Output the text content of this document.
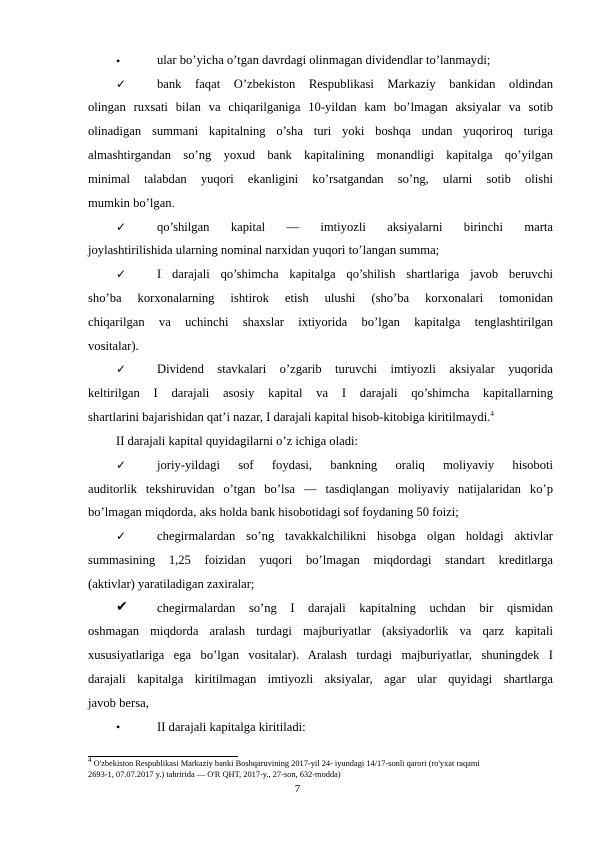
•	ular bo’yicha o’tgan davrdagi olinmagan dividendlar to’lanmaydi;
✓ bank faqat O’zbekiston Respublikasi Markaziy bankidan oldindan
olingan ruxsati bilan va chiqarilganiga 10-yildan kam bo’lmagan aksiyalar va sotib
olinadigan summani kapitalning o’sha turi yoki boshqa undan yuqoriroq turiga
almashtirgandan so’ng yoxud bank kapitalining monandligi kapitalga qo’yilgan
minimal talabdan yuqori ekanligini ko’rsatgandan so’ng, ularni sotib olishi
mumkin bo’lgan.
✓ qo’shilgan kapital — imtiyozli aksiyalarni birinchi marta
joylashtirilishida ularning nominal narxidan yuqori to’langan summa;
✓ I darajali qo’shimcha kapitalga qo’shilish shartlariga javob beruvchi
sho’ba korxonalarning ishtirok etish ulushi (sho’ba korxonalari tomonidan
chiqarilgan va uchinchi shaxslar ixtiyorida bo’lgan kapitalga tenglashtirilgan
vositalar).
✓ Dividend stavkalari o’zgarib turuvchi imtiyozli aksiyalar yuqorida
keltirilgan I darajali asosiy kapital va I darajali qo’shimcha kapitallarning
shartlarini bajarishidan qat’i nazar, I darajali kapital hisob-kitobiga kiritilmaydi.$^4$
II darajali kapital quyidagilarni o’z ichiga oladi:
✓ joriy-yildagi sof foydasi, bankning oraliq moliyaviy hisoboti
auditorlik tekshiruvidan o’tgan bo’lsa — tasdiqlangan moliyaviy natijalaridan ko’p
bo’lmagan miqdorda, aks holda bank hisobotidagi sof foydaning 50 foizi;
✓ chegirmalardan so’ng tavakkalchilikni hisobga olgan holdagi aktivlar
summasining 1,25 foizidan yuqori bo’lmagan miqdordagi standart kreditlarga
(aktivlar) yaratiladigan zaxiralar;
✔ chegirmalardan so’ng I darajali kapitalning uchdan bir qismidan
oshmagan miqdorda aralash turdagi majburiyatlar (aksiyadorlik va qarz kapitali
xususiyatlariga ega bo’lgan vositalar). Aralash turdagi majburiyatlar, shuningdek I
darajali kapitalga kiritilmagan imtiyozli aksiyalar, agar ular quyidagi shartlarga
javob bersa,
•	II darajali kapitalga kiritiladi:
$^4$ O'zbekiston Respublikasi Markaziy banki Boshqaruvining 2017-yil 24- iyundagi 14/17-sonli qarori (ro'yxat raqami
2693-1, 07.07.2017 y.) tahririda — O'R QHT, 2017-y., 27-son, 632-modda)
7
